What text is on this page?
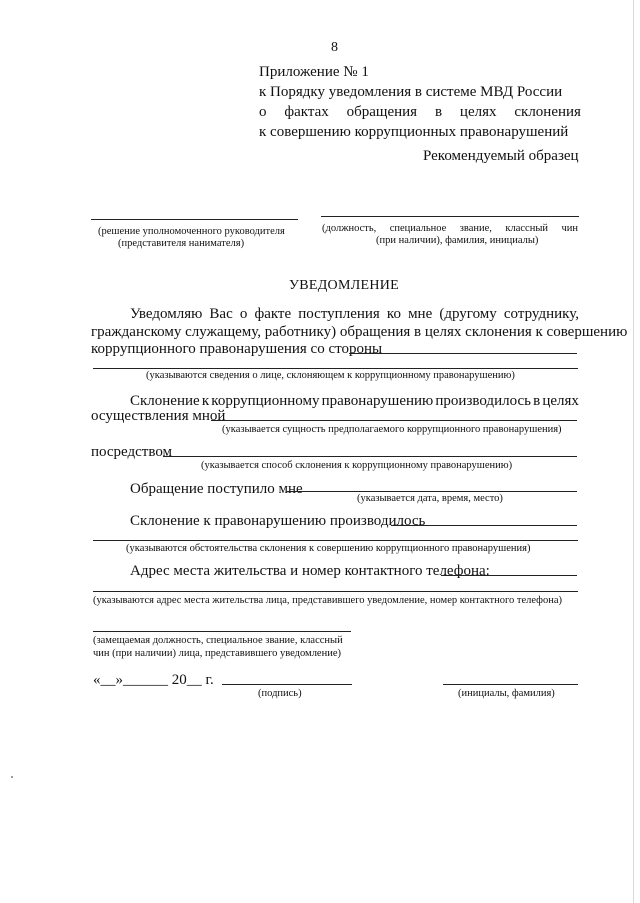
8
Приложение № 1
к Порядку уведомления в системе МВД России
о фактах обращения в целях склонения
к совершению коррупционных правонарушений
Рекомендуемый образец
(решение уполномоченного руководителя
(представителя нанимателя)
(должность, специальное звание, классный чин
(при наличии), фамилия, инициалы)
УВЕДОМЛЕНИЕ
Уведомляю Вас о факте поступления ко мне (другому сотруднику,
гражданскому служащему, работнику) обращения в целях склонения к совершению
коррупционного правонарушения со стороны
(указываются сведения о лице, склоняющем к коррупционному правонарушению)
Склонение к коррупционному правонарушению производилось в целях
осуществления мной
(указывается сущность предполагаемого коррупционного правонарушения)
посредством
(указывается способ склонения к коррупционному правонарушению)
Обращение поступило мне
(указывается дата, время, место)
Склонение к правонарушению производилось
(указываются обстоятельства склонения к совершению коррупционного правонарушения)
Адрес места жительства и номер контактного телефона:
(указываются адрес места жительства лица, представившего уведомление, номер контактного телефона)
(замещаемая должность, специальное звание, классный
чин (при наличии) лица, представившего уведомление)
«__»______ 20__ г.
(подпись)	(инициалы, фамилия)
